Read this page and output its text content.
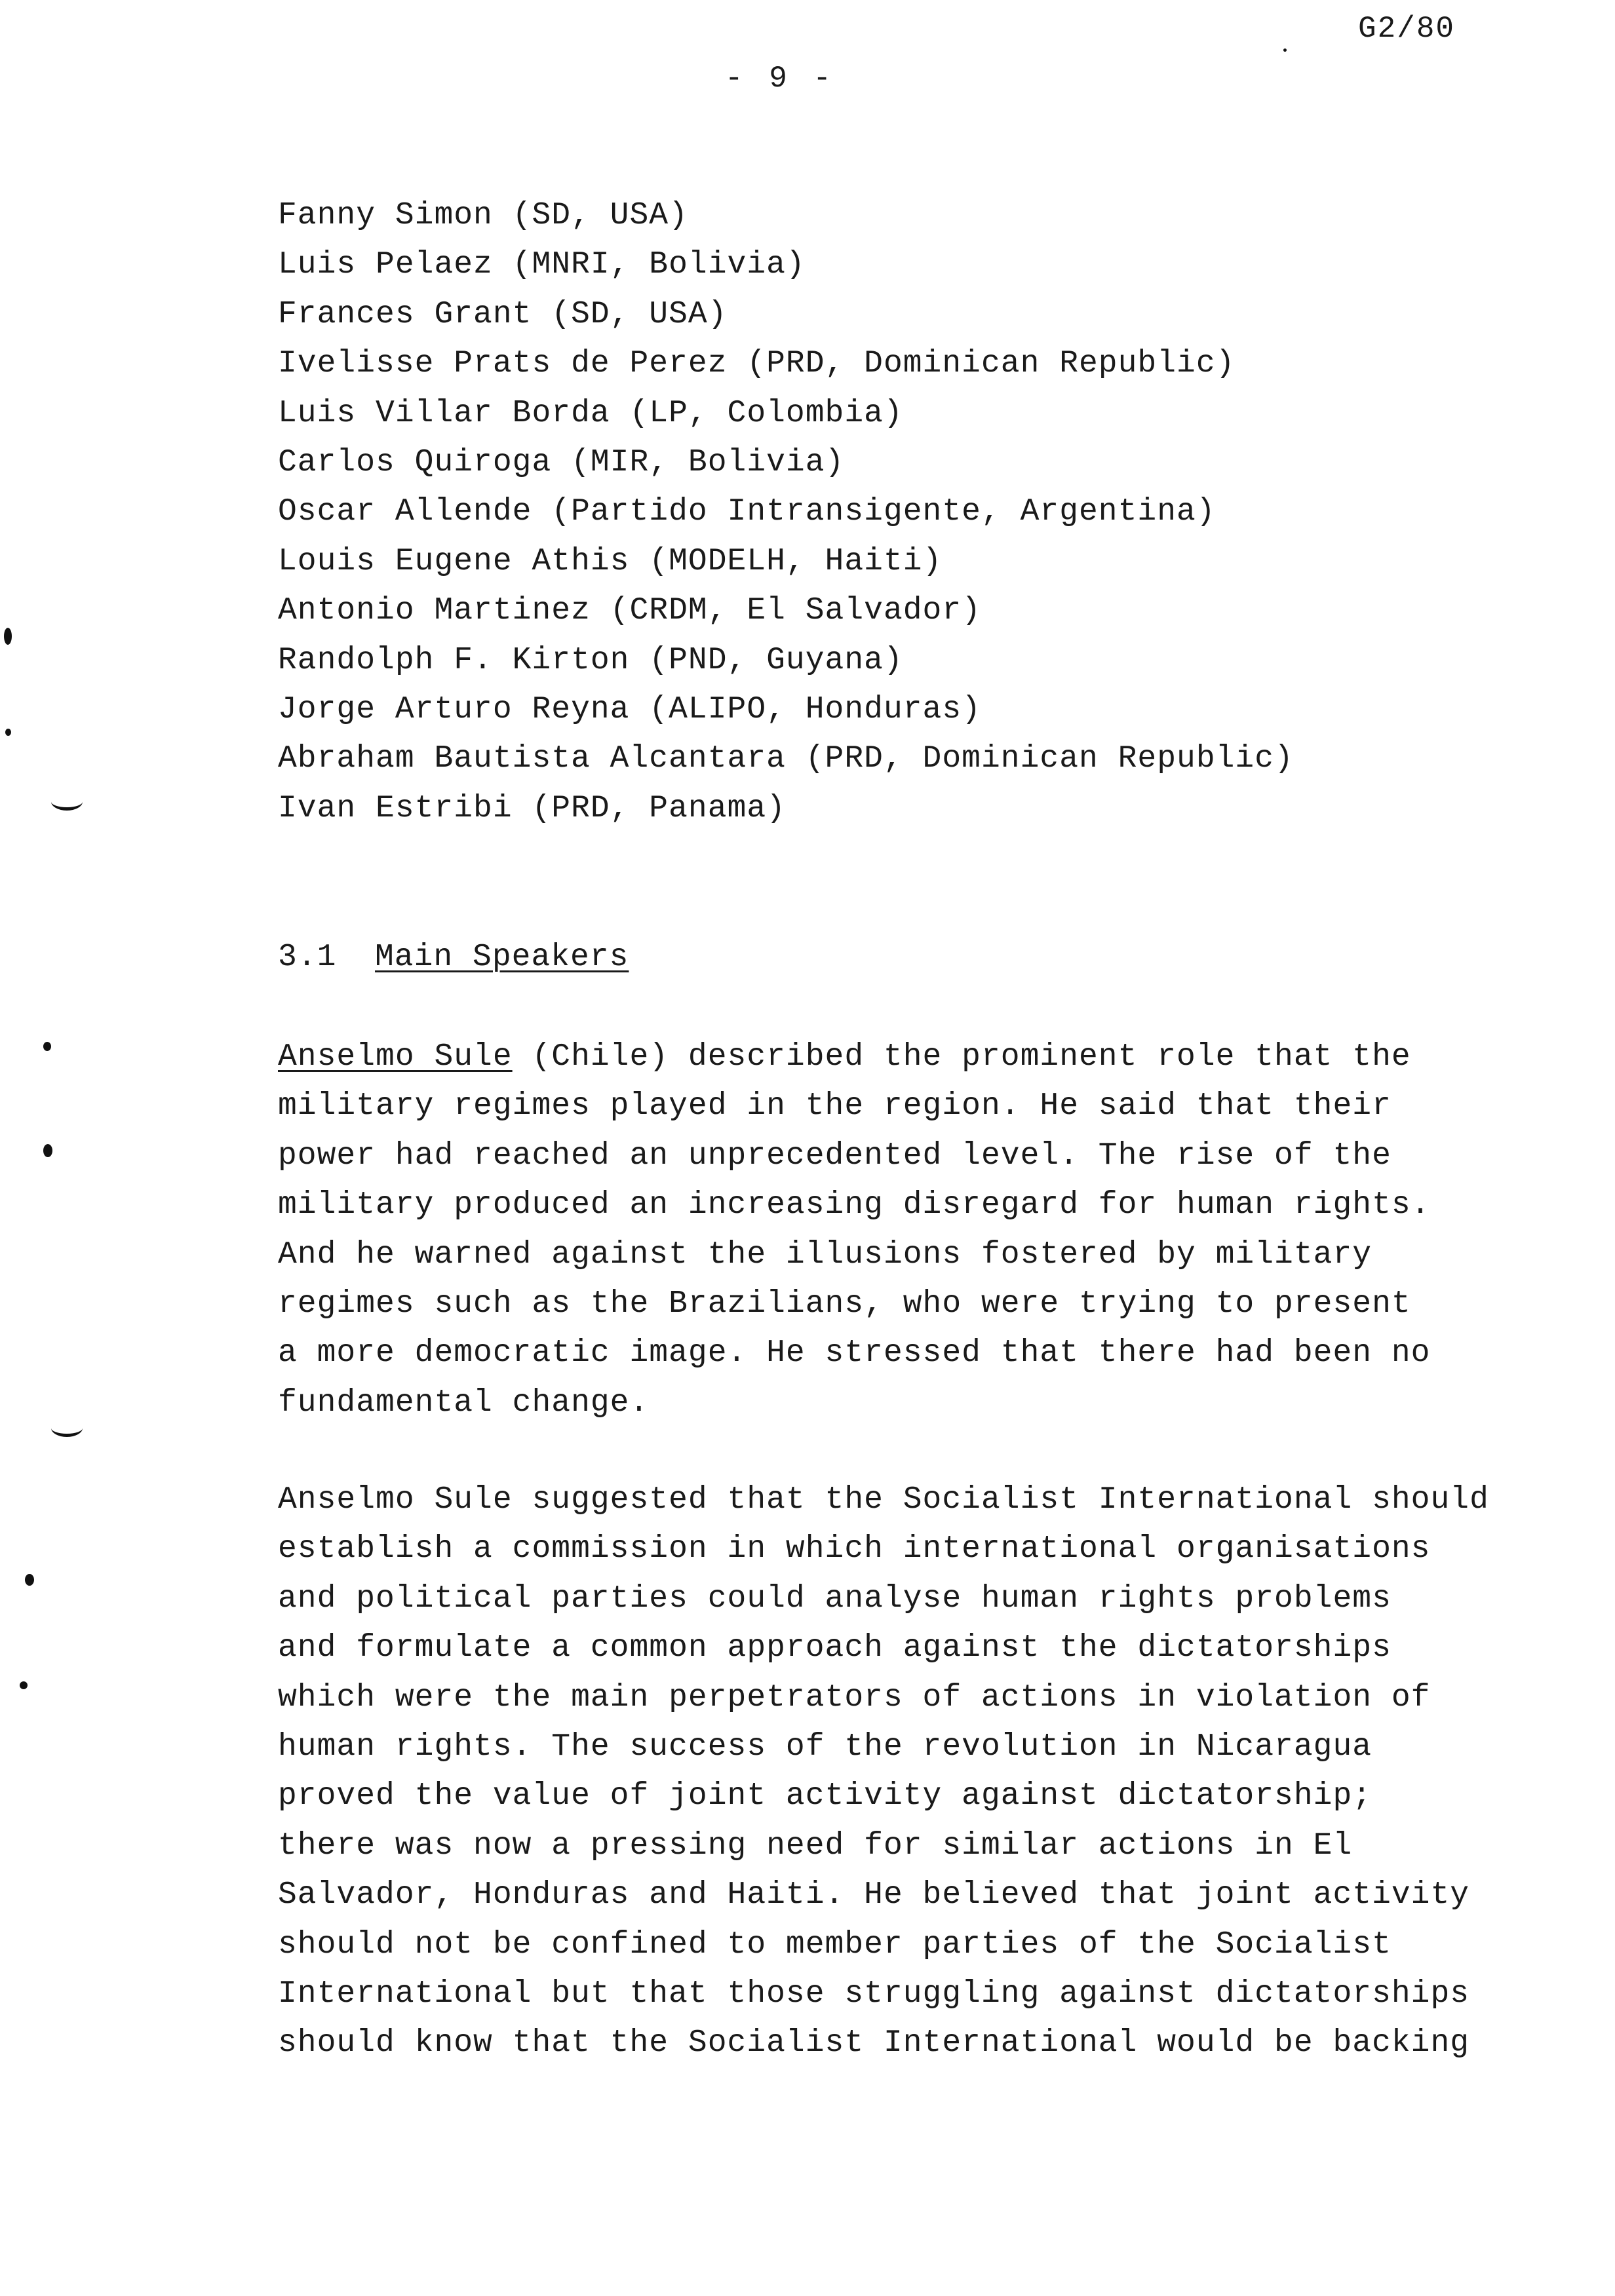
G2/80
- 9 -
Fanny Simon (SD, USA)
Luis Pelaez (MNRI, Bolivia)
Frances Grant (SD, USA)
Ivelisse Prats de Perez (PRD, Dominican Republic)
Luis Villar Borda (LP, Colombia)
Carlos Quiroga (MIR, Bolivia)
Oscar Allende (Partido Intransigente, Argentina)
Louis Eugene Athis (MODELH, Haiti)
Antonio Martinez (CRDM, El Salvador)
Randolph F. Kirton (PND, Guyana)
Jorge Arturo Reyna (ALIPO, Honduras)
Abraham Bautista Alcantara (PRD, Dominican Republic)
Ivan Estribi (PRD, Panama)
3.1 Main Speakers
Anselmo Sule (Chile) described the prominent role that the
military regimes played in the region. He said that their
power had reached an unprecedented level. The rise of the
military produced an increasing disregard for human rights.
And he warned against the illusions fostered by military
regimes such as the Brazilians, who were trying to present
a more democratic image. He stressed that there had been no
fundamental change.
Anselmo Sule suggested that the Socialist International should
establish a commission in which international organisations
and political parties could analyse human rights problems
and formulate a common approach against the dictatorships
which were the main perpetrators of actions in violation of
human rights. The success of the revolution in Nicaragua
proved the value of joint activity against dictatorship;
there was now a pressing need for similar actions in El
Salvador, Honduras and Haiti. He believed that joint activity
should not be confined to member parties of the Socialist
International but that those struggling against dictatorships
should know that the Socialist International would be backing
